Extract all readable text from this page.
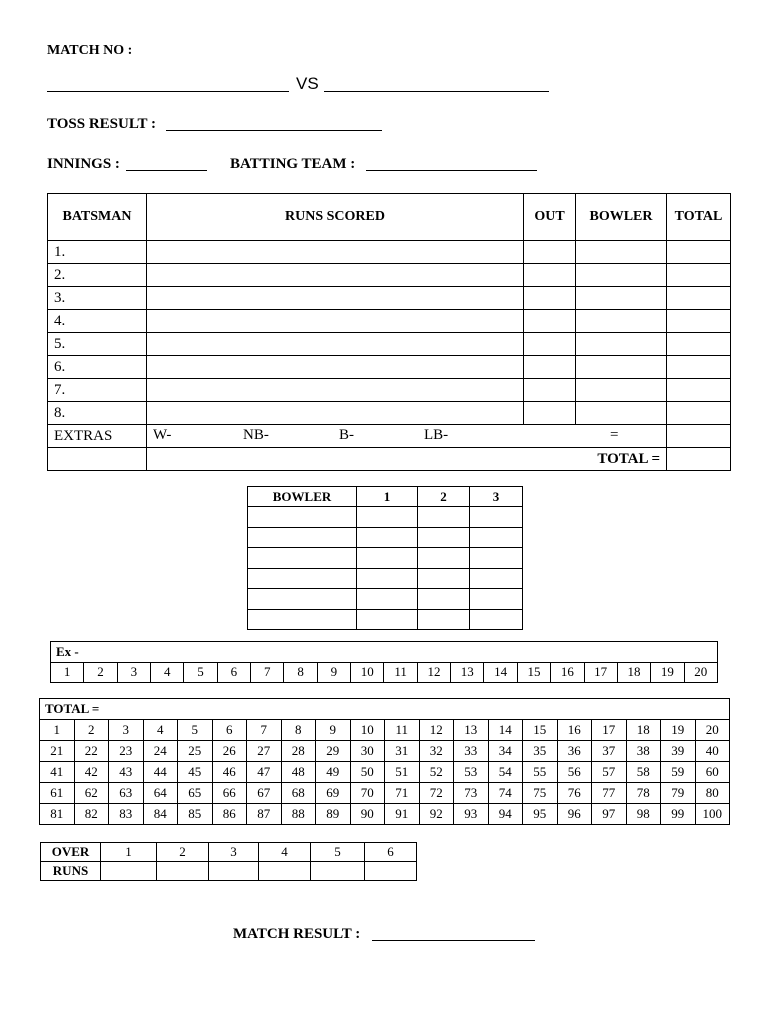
MATCH NO :
VS
TOSS RESULT :
INNINGS :	BATTING TEAM :
BATSMAN	RUNS SCORED	OUT	BOWLER	TOTAL
1.				
2.				
3.				
4.				
5.				
6.				
7.				
8.				
EXTRAS	W- NB- B- LB- =			

	TOTAL =			
BOWLER	1	2	3

Ex -
1	2	3	4	5	6	7	8	9	10	11	12	13	14	15	16	17	18	19	20
TOTAL =																			
1	2	3	4	5	6	7	8	9	10	11	12	13	14	15	16	17	18	19	20
21	22	23	24	25	26	27	28	29	30	31	32	33	34	35	36	37	38	39	40
41	42	43	44	45	46	47	48	49	50	51	52	53	54	55	56	57	58	59	60
61	62	63	64	65	66	67	68	69	70	71	72	73	74	75	76	77	78	79	80
81	82	83	84	85	86	87	88	89	90	91	92	93	94	95	96	97	98	99	100
OVER	1	2	3	4	5	6
RUNS						
MATCH RESULT :
